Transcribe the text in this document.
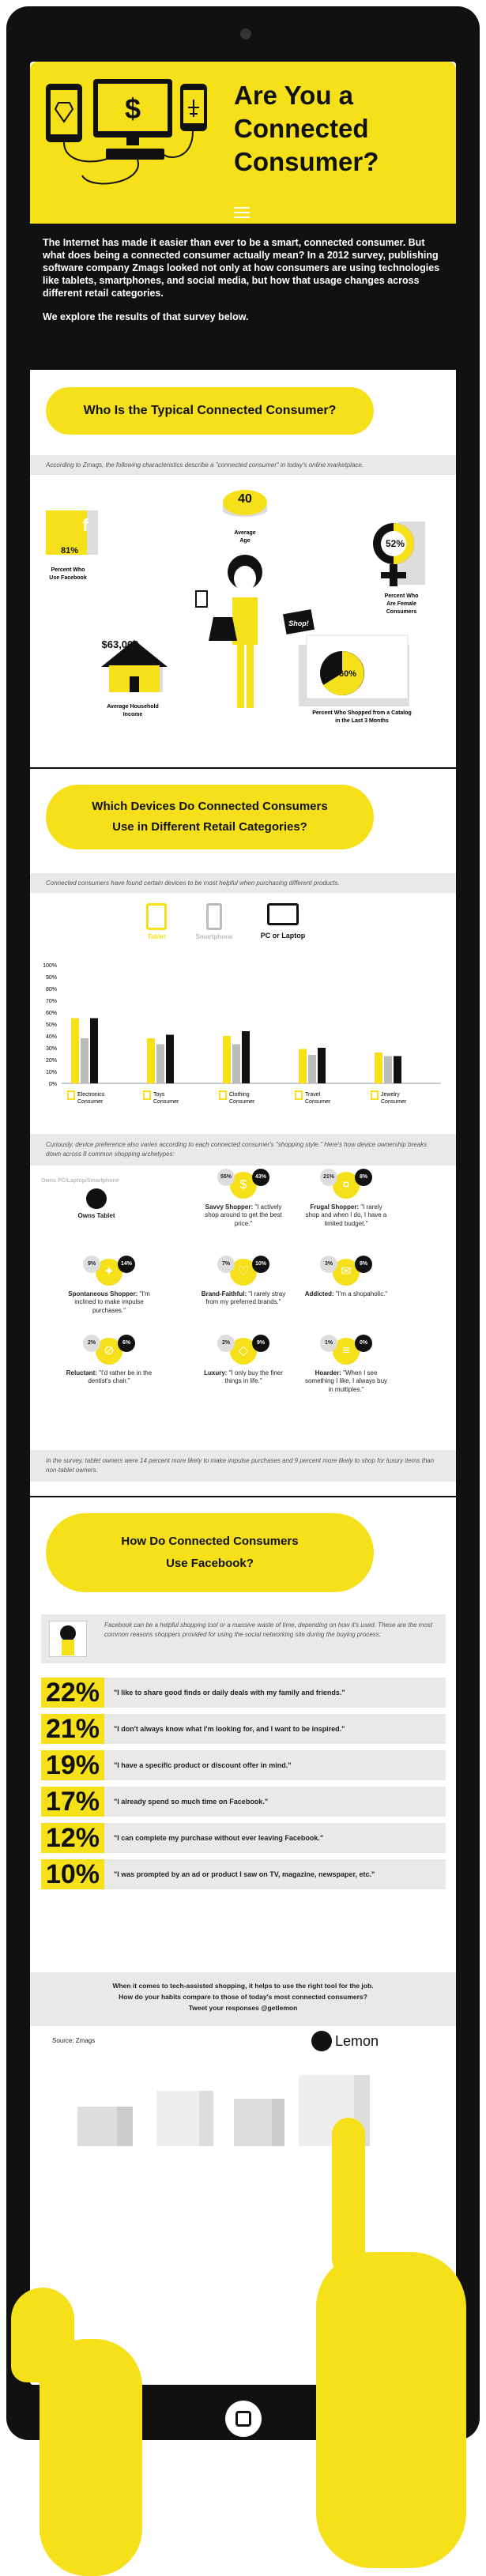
$	Are You a
Connected
Consumer?

The Internet has made it easier than ever to be a smart, connected consumer. But what does being a connected consumer actually mean? In a 2012 survey, publishing software company Zmags looked not only at how consumers are using technologies like tablets, smartphones, and social media, but how that usage changes across different retail categories.

We explore the results of that survey below.

Who Is the Typical Connected Consumer?
According to Zmags, the following characteristics describe a "connected consumer" in today's online marketplace.
40
Average
Age
f
81%
Percent Who
Use Facebook
52%
Percent Who
Are Female
Consumers
Shop!
$63,000
Average Household
Income
60%
Percent Who Shopped from a Catalog
in the Last 3 Months
Which Devices Do Connected Consumers
Use in Different Retail Categories?
Connected consumers have found certain devices to be most helpful when purchasing different products.
Tablet	Smartphone	PC or Laptop
100%
90%
80%
70%
60%
50%
40%
30%
20%
10%
0%
Electronics
Consumer
Toys
Consumer
Clothing
Consumer
Travel
Consumer
Jewelry
Consumer
Curiously, device preference also varies according to each connected consumer's "shopping style." Here's how device ownership breaks down across 8 common shopping archetypes:
Owns PC/Laptop/Smartphone
Owns Tablet
55%	43%
$
Savvy Shopper: "I actively shop around to get the best price."
21%	8%
¤
Frugal Shopper: "I rarely shop and when I do, I have a limited budget."
9%	14%
✦
Spontaneous Shopper: "I'm inclined to make impulse purchases."
7%	10%
♡
Brand-Faithful: "I rarely stray from my preferred brands."
3%	9%
✉
Addicted: "I'm a shopaholic."
2%	6%
⊘
Reluctant: "I'd rather be in the dentist's chair."
2%	9%
◇
Luxury: "I only buy the finer things in life."
1%	0%
≡
Hoarder: "When I see something I like, I always buy in multiples."
In the survey, tablet owners were 14 percent more likely to make impulse purchases and 9 percent more likely to shop for luxury items than non-tablet owners.
How Do Connected Consumers
Use Facebook?
Facebook can be a helpful shopping tool or a massive waste of time, depending on how it's used. These are the most common reasons shoppers provided for using the social networking site during the buying process:
22%	"I like to share good finds or daily deals with my family and friends."
21%	"I don't always know what I'm looking for, and I want to be inspired."
19%	"I have a specific product or discount offer in mind."
17%	"I already spend so much time on Facebook."
12%	"I can complete my purchase without ever leaving Facebook."
10%	"I was prompted by an ad or product I saw on TV, magazine, newspaper, etc."
When it comes to tech-assisted shopping, it helps to use the right tool for the job.
How do your habits compare to those of today's most connected consumers?
Tweet your responses @getlemon
Source: Zmags	Lemon
